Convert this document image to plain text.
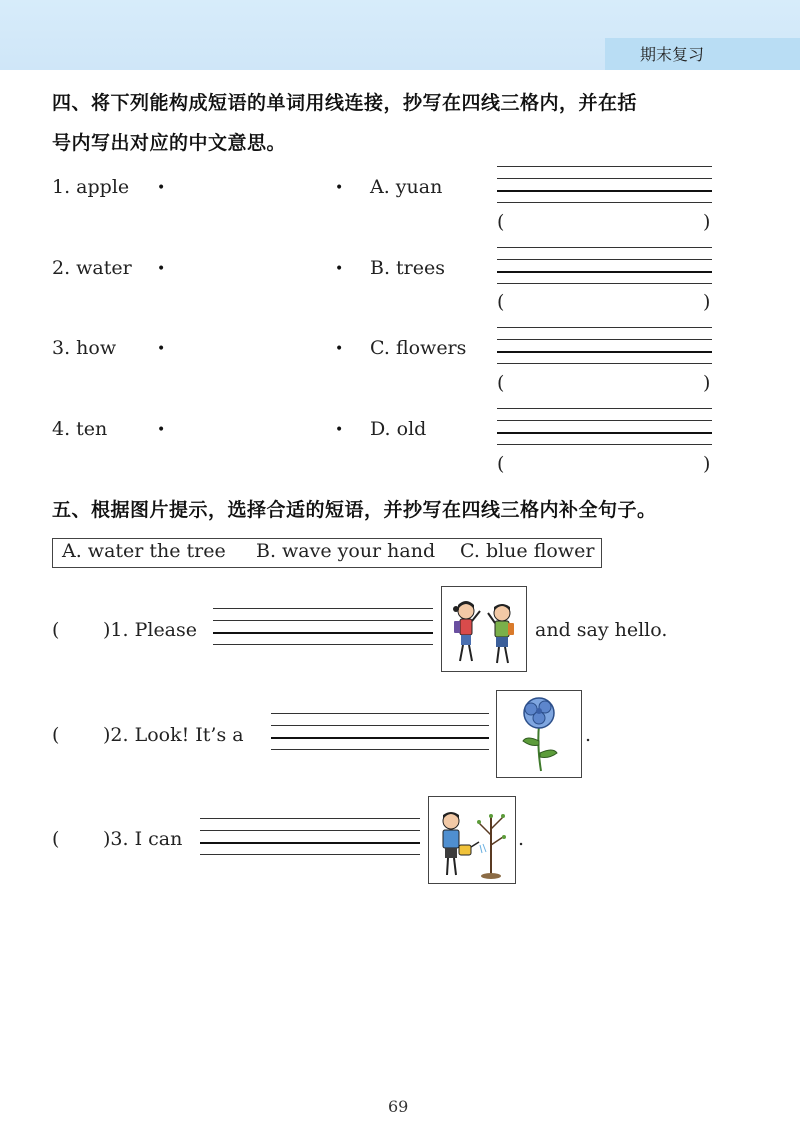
期末复习
四、将下列能构成短语的单词用线连接，抄写在四线三格内，并在括
号内写出对应的中文意思。
1. apple •	• A. yuan
(	)
2. water •	• B. trees
(	)
3. how	•	• C. flowers
(	)
4. ten	•	• D. old
(	)
五、根据图片提示，选择合适的短语，并抄写在四线三格内补全句子。
A. water the tree B. wave your hand C. blue flower
( )1. Please	and say hello.
( )2. Look! It’s a	.
( )3. I can	.
69
